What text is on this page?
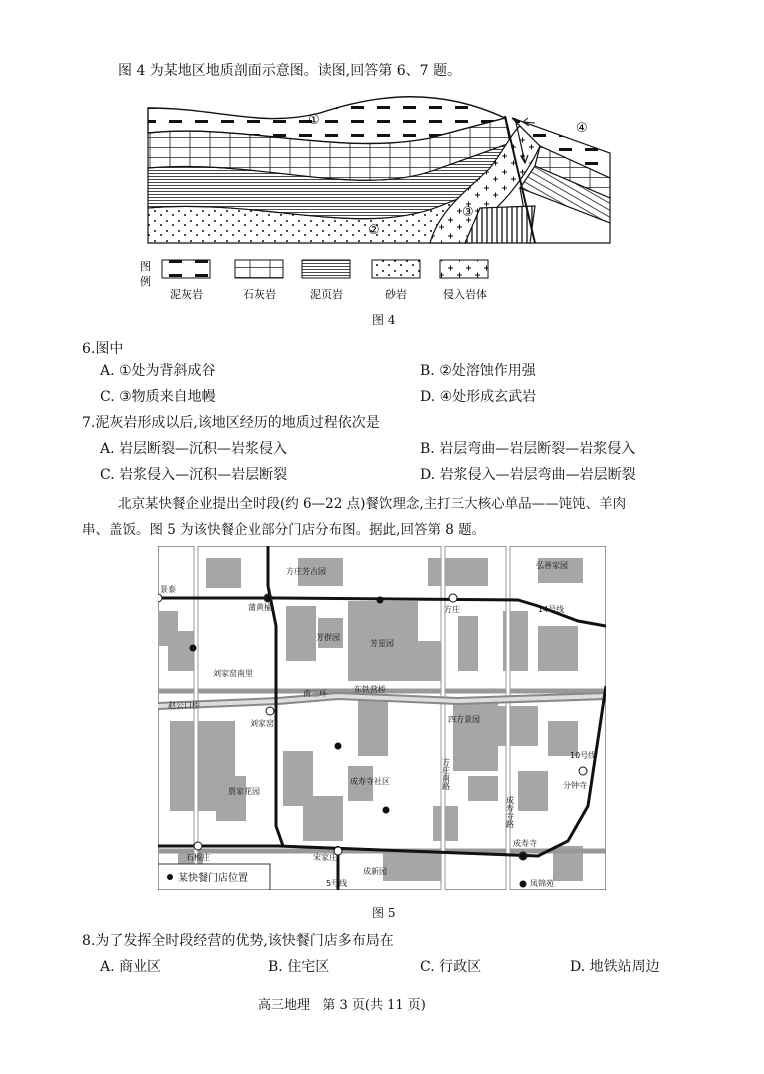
图 4 为某地区地质剖面示意图。读图,回答第 6、7 题。
①
②
③
④
图
例
泥灰岩	石灰岩	泥页岩	砂岩	侵入岩体
图 4
6.图中
A. ①处为背斜成谷	B. ②处溶蚀作用强
C. ③物质来自地幔	D. ④处形成玄武岩
7.泥灰岩形成以后,该地区经历的地质过程依次是
A. 岩层断裂—沉积—岩浆侵入	B. 岩层弯曲—岩层断裂—岩浆侵入
C. 岩浆侵入—沉积—岩层断裂	D. 岩浆侵入—岩层弯曲—岩层断裂
北京某快餐企业提出全时段(约 6—22 点)餐饮理念,主打三大核心单品——饨饨、羊肉
串、盖饭。图 5 为该快餐企业部分门店分布图。据此,回答第 8 题。
方庄芳古园
弘善家园
景泰
蒲黄榆	方庄	14号线
芳群园
芳星园
刘家窑南里
南三环	东铁营桥
赵公口桥
刘家窑	四方景园
10号线
分钟寺
成寿寺社区
贾家花园
石榴庄	宋家庄
成寿寺
成新园
凤锦苑
5号线
方庄南路
成寿寺路
某快餐门店位置
图 5
8.为了发挥全时段经营的优势,该快餐门店多布局在
A. 商业区	B. 住宅区	C. 行政区	D. 地铁站周边
高三地理   第 3 页(共 11 页)
